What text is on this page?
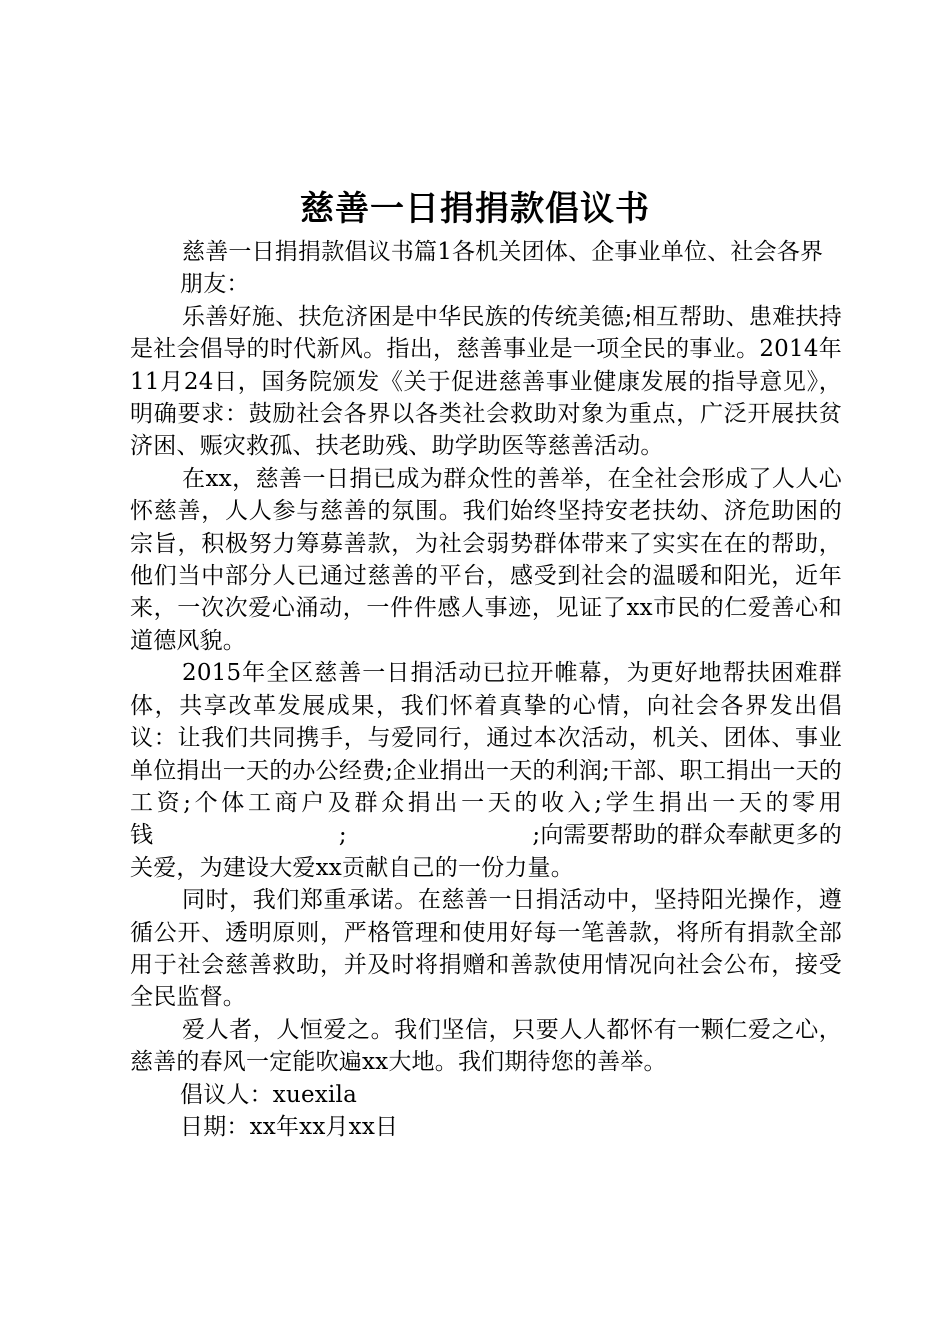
慈善一日捐捐款倡议书

慈善一日捐捐款倡议书篇1各机关团体、企事业单位、社会各界

朋友：

乐善好施、扶危济困是中华民族的传统美德;相互帮助、患难扶持是社会倡导的时代新风。指出，慈善事业是一项全民的事业。2014年11月24日，国务院颁发《关于促进慈善事业健康发展的指导意见》，明确要求：鼓励社会各界以各类社会救助对象为重点，广泛开展扶贫济困、赈灾救孤、扶老助残、助学助医等慈善活动。

在xx，慈善一日捐已成为群众性的善举，在全社会形成了人人心怀慈善，人人参与慈善的氛围。我们始终坚持安老扶幼、济危助困的宗旨，积极努力筹募善款，为社会弱势群体带来了实实在在的帮助，他们当中部分人已通过慈善的平台，感受到社会的温暖和阳光，近年来，一次次爱心涌动，一件件感人事迹，见证了xx市民的仁爱善心和道德风貌。

2015年全区慈善一日捐活动已拉开帷幕，为更好地帮扶困难群体，共享改革发展成果，我们怀着真挚的心情，向社会各界发出倡议：让我们共同携手，与爱同行，通过本次活动，机关、团体、事业单位捐出一天的办公经费;企业捐出一天的利润;干部、职工捐出一天的工资;个体工商户及群众捐出一天的收入;学生捐出一天的零用钱　　　　　　　　;　　　　　　　　;向需要帮助的群众奉献更多的关爱，为建设大爱xx贡献自己的一份力量。

同时，我们郑重承诺。在慈善一日捐活动中，坚持阳光操作，遵循公开、透明原则，严格管理和使用好每一笔善款，将所有捐款全部用于社会慈善救助，并及时将捐赠和善款使用情况向社会公布，接受全民监督。

爱人者，人恒爱之。我们坚信，只要人人都怀有一颗仁爱之心，慈善的春风一定能吹遍xx大地。我们期待您的善举。

倡议人：xuexila

日期：xx年xx月xx日
